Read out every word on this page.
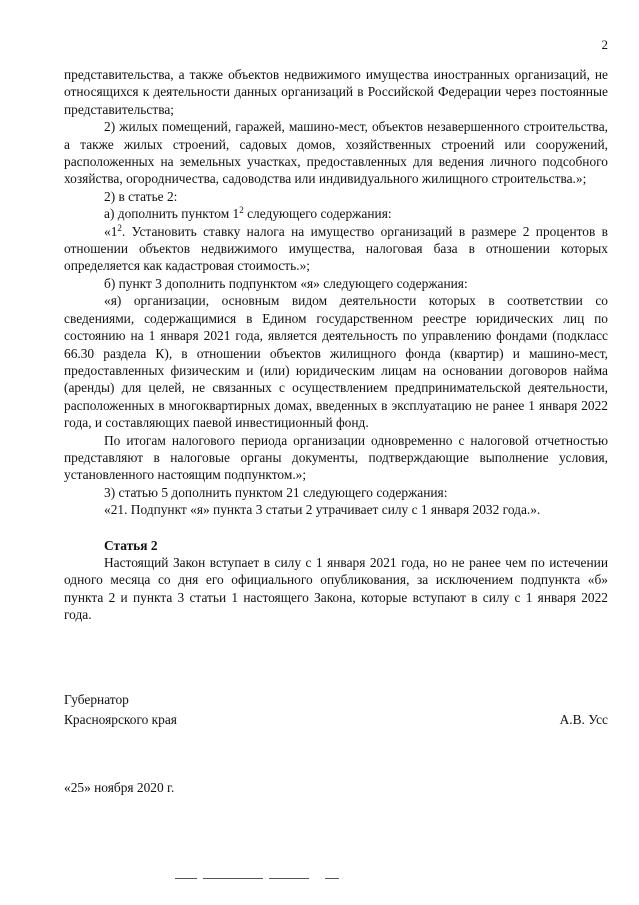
2

представительства, а также объектов недвижимого имущества иностранных организаций, не относящихся к деятельности данных организаций в Российской Федерации через постоянные представительства;

2) жилых помещений, гаражей, машино-мест, объектов незавершенного строительства, а также жилых строений, садовых домов, хозяйственных строений или сооружений, расположенных на земельных участках, предоставленных для ведения личного подсобного хозяйства, огородничества, садоводства или индивидуального жилищного строительства.»;

2) в статье 2:

а) дополнить пунктом $1^2$ следующего содержания:

«$1^2$. Установить ставку налога на имущество организаций в размере 2 процентов в отношении объектов недвижимого имущества, налоговая база в отношении которых определяется как кадастровая стоимость.»;

б) пункт 3 дополнить подпунктом «я» следующего содержания:

«я) организации, основным видом деятельности которых в соответствии со сведениями, содержащимися в Едином государственном реестре юридических лиц по состоянию на 1 января 2021 года, является деятельность по управлению фондами (подкласс 66.30 раздела К), в отношении объектов жилищного фонда (квартир) и машино-мест, предоставленных физическим и (или) юридическим лицам на основании договоров найма (аренды) для целей, не связанных с осуществлением предпринимательской деятельности, расположенных в многоквартирных домах, введенных в эксплуатацию не ранее 1 января 2022 года, и составляющих паевой инвестиционный фонд.

По итогам налогового периода организации одновременно с налоговой отчетностью представляют в налоговые органы документы, подтверждающие выполнение условия, установленного настоящим подпунктом.»;

3) статью 5 дополнить пунктом 21 следующего содержания:

«21. Подпункт «я» пункта 3 статьи 2 утрачивает силу с 1 января 2032 года.».

Статья 2

Настоящий Закон вступает в силу с 1 января 2021 года, но не ранее чем по истечении одного месяца со дня его официального опубликования, за исключением подпункта «б» пункта 2 и пункта 3 статьи 1 настоящего Закона, которые вступают в силу с 1 января 2022 года.

Губернатор
Красноярского края	А.В. Усс
«25» ноября 2020 г.
